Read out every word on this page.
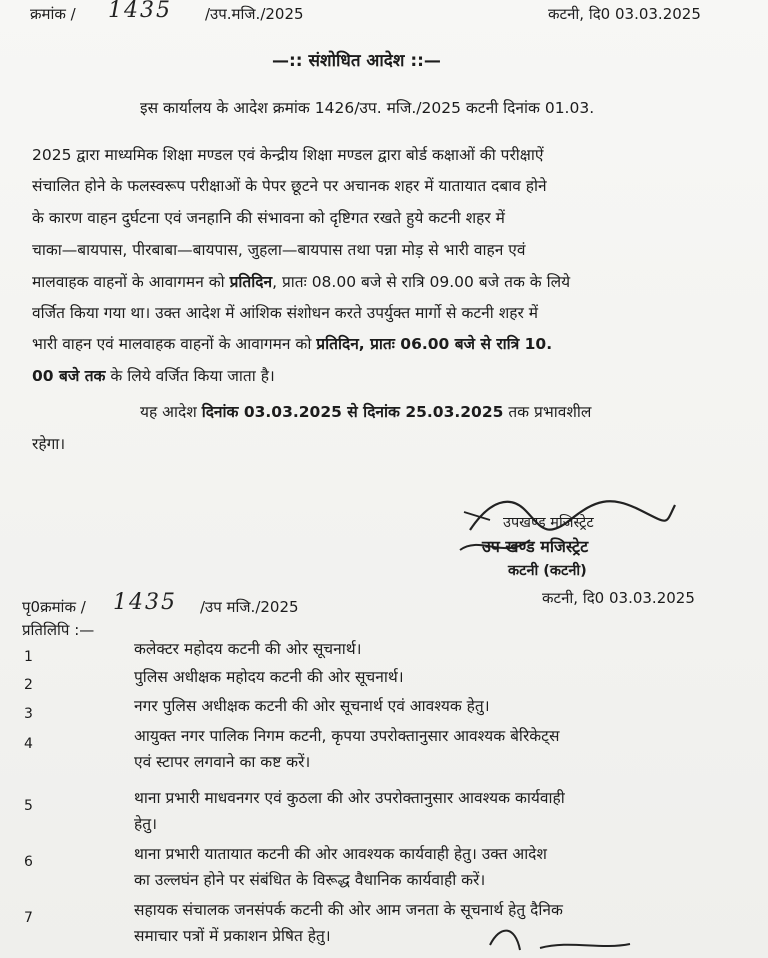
क्रमांक / 1435 /उप.मजि./2025	कटनी, दि0 03.03.2025
—:: संशोधित आदेश ::—
इस कार्यालय के आदेश क्रमांक 1426/उप. मजि./2025 कटनी दिनांक 01.03.
2025 द्वारा माध्यमिक शिक्षा मण्डल एवं केन्द्रीय शिक्षा मण्डल द्वारा बोर्ड कक्षाओं की परीक्षाऐं
संचालित होने के फलस्वरूप परीक्षाओं के पेपर छूटने पर अचानक शहर में यातायात दबाव होने
के कारण वाहन दुर्घटना एवं जनहानि की संभावना को दृष्टिगत रखते हुये कटनी शहर में
चाका—बायपास, पीरबाबा—बायपास, जुहला—बायपास तथा पन्ना मोड़ से भारी वाहन एवं
मालवाहक वाहनों के आवागमन को प्रतिदिन, प्रातः 08.00 बजे से रात्रि 09.00 बजे तक के लिये
वर्जित किया गया था। उक्त आदेश में आंशिक संशोधन करते उपर्युक्त मार्गो से कटनी शहर में
भारी वाहन एवं मालवाहक वाहनों के आवागमन को प्रतिदिन, प्रातः 06.00 बजे से रात्रि 10.
00 बजे तक के लिये वर्जित किया जाता है।
यह आदेश दिनांक 03.03.2025 से दिनांक 25.03.2025 तक प्रभावशील
रहेगा।
उपखण्ड मजिस्ट्रेट
उप खण्ड मजिस्ट्रेट
कटनी (कटनी)
पृ0क्रमांक / 1435 /उप मजि./2025	कटनी, दि0 03.03.2025
प्रतिलिपि :—
1	कलेक्टर महोदय कटनी की ओर सूचनार्थ।
2	पुलिस अधीक्षक महोदय कटनी की ओर सूचनार्थ।
3	नगर पुलिस अधीक्षक कटनी की ओर सूचनार्थ एवं आवश्यक हेतु।
4	आयुक्त नगर पालिक निगम कटनी, कृपया उपरोक्तानुसार आवश्यक बेरिकेट्स
एवं स्टापर लगवाने का कष्ट करें।
5	थाना प्रभारी माधवनगर एवं कुठला की ओर उपरोक्तानुसार आवश्यक कार्यवाही
हेतु।
6	थाना प्रभारी यातायात कटनी की ओर आवश्यक कार्यवाही हेतु। उक्त आदेश
का उल्लघंन होने पर संबंधित के विरूद्ध वैधानिक कार्यवाही करें।
7	सहायक संचालक जनसंपर्क कटनी की ओर आम जनता के सूचनार्थ हेतु दैनिक
समाचार पत्रों में प्रकाशन प्रेषित हेतु।
